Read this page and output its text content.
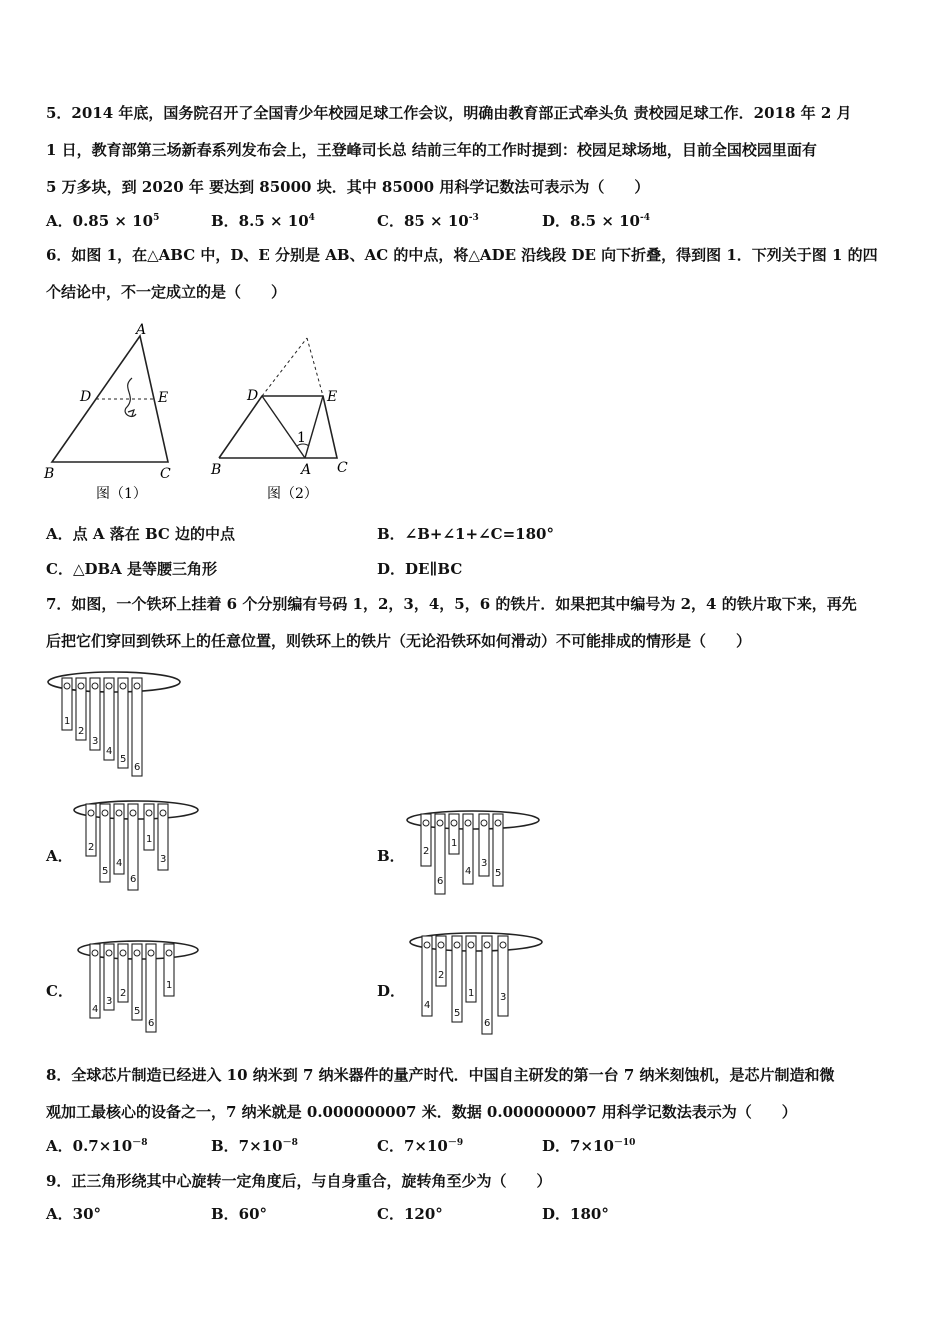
5．2014 年底，国务院召开了全国青少年校园足球工作会议，明确由教育部正式牵头负 责校园足球工作．2018 年 2 月
1 日，教育部第三场新春系列发布会上，王登峰司长总 结前三年的工作时提到：校园足球场地，目前全国校园里面有
5 万多块，到 2020 年 要达到 85000 块．其中 85000 用科学记数法可表示为（　　）
A．$0.85 \times 10^5$	B．$8.5 \times 10^4$	C．$85 \times 10^{-3}$	D．$8.5 \times 10^{-4}$
6．如图 1，在△ABC 中，D、E 分别是 AB、AC 的中点，将△ADE 沿线段 DE 向下折叠，得到图 1．下列关于图 1 的四
个结论中，不一定成立的是（　　）
A
D	E
B	C
图（1）
1
D	E
B	A C
图（2）
A．点 A 落在 BC 边的中点	B．∠B+∠1+∠C=180°
C．△DBA 是等腰三角形	D．DE∥BC
7．如图，一个铁环上挂着 6 个分别编有号码 1，2，3，4，5，6 的铁片．如果把其中编号为 2，4 的铁片取下来，再先
后把它们穿回到铁环上的任意位置，则铁环上的铁片（无论沿铁环如何滑动）不可能排成的情形是（　　）
1
2
3
4
5
6
A． 2
5
4
6
1
3	B． 2
6
1
4
3
5
C．
4
3
2
5
6
1	D．
4
2
5
1
6
3
8．全球芯片制造已经进入 10 纳米到 7 纳米器件的量产时代．中国自主研发的第一台 7 纳米刻蚀机，是芯片制造和微
观加工最核心的设备之一，7 纳米就是 0.000000007 米．数据 0.000000007 用科学记数法表示为（　　）
A．$0.7\times 10^{-8}$	B．$7\times 10^{-8}$	C．$7\times 10^{-9}$	D．$7\times 10^{-10}$
9．正三角形绕其中心旋转一定角度后，与自身重合，旋转角至少为（　　）
A．30°	B．60°	C．120°	D．180°
